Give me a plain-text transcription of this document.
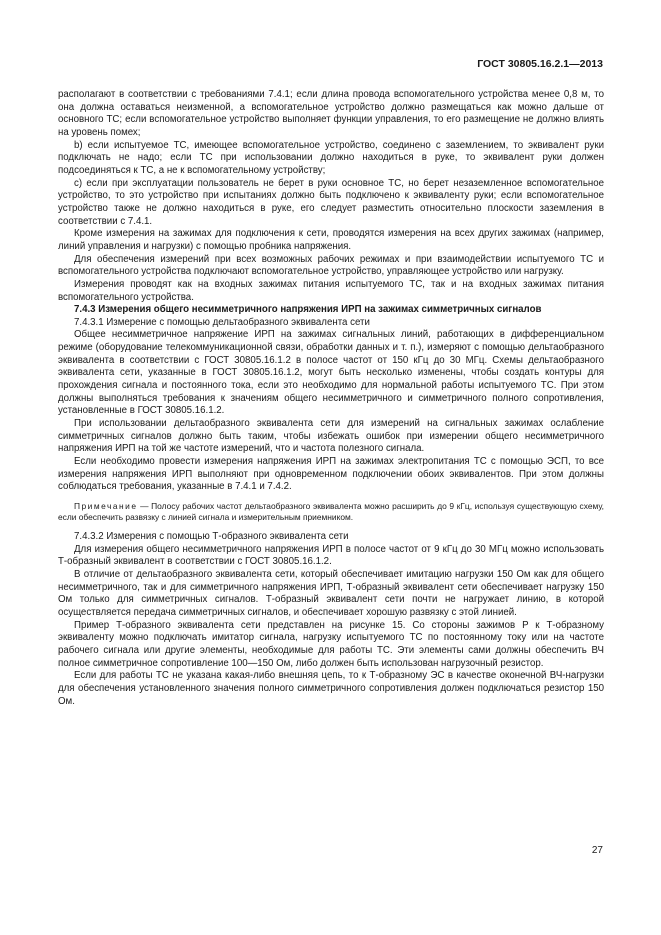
ГОСТ 30805.16.2.1—2013

располагают в соответствии с требованиями 7.4.1; если длина провода вспомогательного устройства менее 0,8 м, то она должна оставаться неизменной, а вспомогательное устройство должно размещаться как можно дальше от основного ТС; если вспомогательное устройство выполняет функции управления, то его размещение не должно влиять на уровень помех;

b) если испытуемое ТС, имеющее вспомогательное устройство, соединено с заземлением, то эквивалент руки подключать не надо; если ТС при использовании должно находиться в руке, то эквивалент руки должен подсоединяться к ТС, а не к вспомогательному устройству;

c) если при эксплуатации пользователь не берет в руки основное ТС, но берет незаземленное вспомогательное устройство, то это устройство при испытаниях должно быть подключено к эквиваленту руки; если вспомогательное устройство также не должно находиться в руке, его следует разместить относительно плоскости заземления в соответствии с 7.4.1.

Кроме измерения на зажимах для подключения к сети, проводятся измерения на всех других зажимах (например, линий управления и нагрузки) с помощью пробника напряжения.

Для обеспечения измерений при всех возможных рабочих режимах и при взаимодействии испытуемого ТС и вспомогательного устройства подключают вспомогательное устройство, управляющее устройство или нагрузку.

Измерения проводят как на входных зажимах питания испытуемого ТС, так и на входных зажимах питания вспомогательного устройства.

7.4.3 Измерения общего несимметричного напряжения ИРП на зажимах симметричных сигналов

7.4.3.1 Измерение с помощью дельтаобразного эквивалента сети

Общее несимметричное напряжение ИРП на зажимах сигнальных линий, работающих в дифференциальном режиме (оборудование телекоммуникационной связи, обработки данных и т. п.), измеряют с помощью дельтаобразного эквивалента в соответствии с ГОСТ 30805.16.1.2 в полосе частот от 150 кГц до 30 МГц. Схемы дельтаобразного эквивалента сети, указанные в ГОСТ 30805.16.1.2, могут быть несколько изменены, чтобы создать контуры для прохождения сигнала и постоянного тока, если это необходимо для нормальной работы испытуемого ТС. При этом должны выполняться требования к значениям общего несимметричного и симметричного полного сопротивления, установленные в ГОСТ 30805.16.1.2.

При использовании дельтаобразного эквивалента сети для измерений на сигнальных зажимах ослабление симметричных сигналов должно быть таким, чтобы избежать ошибок при измерении общего несимметричного напряжения ИРП на той же частоте измерений, что и частота полезного сигнала.

Если необходимо провести измерения напряжения ИРП на зажимах электропитания ТС с помощью ЭСП, то все измерения напряжения ИРП выполняют при одновременном подключении обоих эквивалентов. При этом должны соблюдаться требования, указанные в 7.4.1 и 7.4.2.

Примечание — Полосу рабочих частот дельтаобразного эквивалента можно расширить до 9 кГц, используя существующую схему, если обеспечить развязку с линией сигнала и измерительным приемником.

7.4.3.2 Измерения с помощью Т-образного эквивалента сети

Для измерения общего несимметричного напряжения ИРП в полосе частот от 9 кГц до 30 МГц можно использовать Т-образный эквивалент в соответствии с ГОСТ 30805.16.1.2.

В отличие от дельтаобразного эквивалента сети, который обеспечивает имитацию нагрузки 150 Ом как для общего несимметричного, так и для симметричного напряжения ИРП, Т-образный эквивалент сети обеспечивает нагрузку 150 Ом только для симметричных сигналов. Т-образный эквивалент сети почти не нагружает линию, в которой осуществляется передача симметричных сигналов, и обеспечивает хорошую развязку с этой линией.

Пример Т-образного эквивалента сети представлен на рисунке 15. Со стороны зажимов P к Т-образному эквиваленту можно подключать имитатор сигнала, нагрузку испытуемого ТС по постоянному току или на частоте рабочего сигнала или другие элементы, необходимые для работы ТС. Эти элементы сами должны обеспечить ВЧ полное симметричное сопротивление 100—150 Ом, либо должен быть использован нагрузочный резистор.

Если для работы ТС не указана какая-либо внешняя цепь, то к Т-образному ЭС в качестве оконечной ВЧ-нагрузки для обеспечения установленного значения полного симметричного сопротивления должен подключаться резистор 150 Ом.

27
